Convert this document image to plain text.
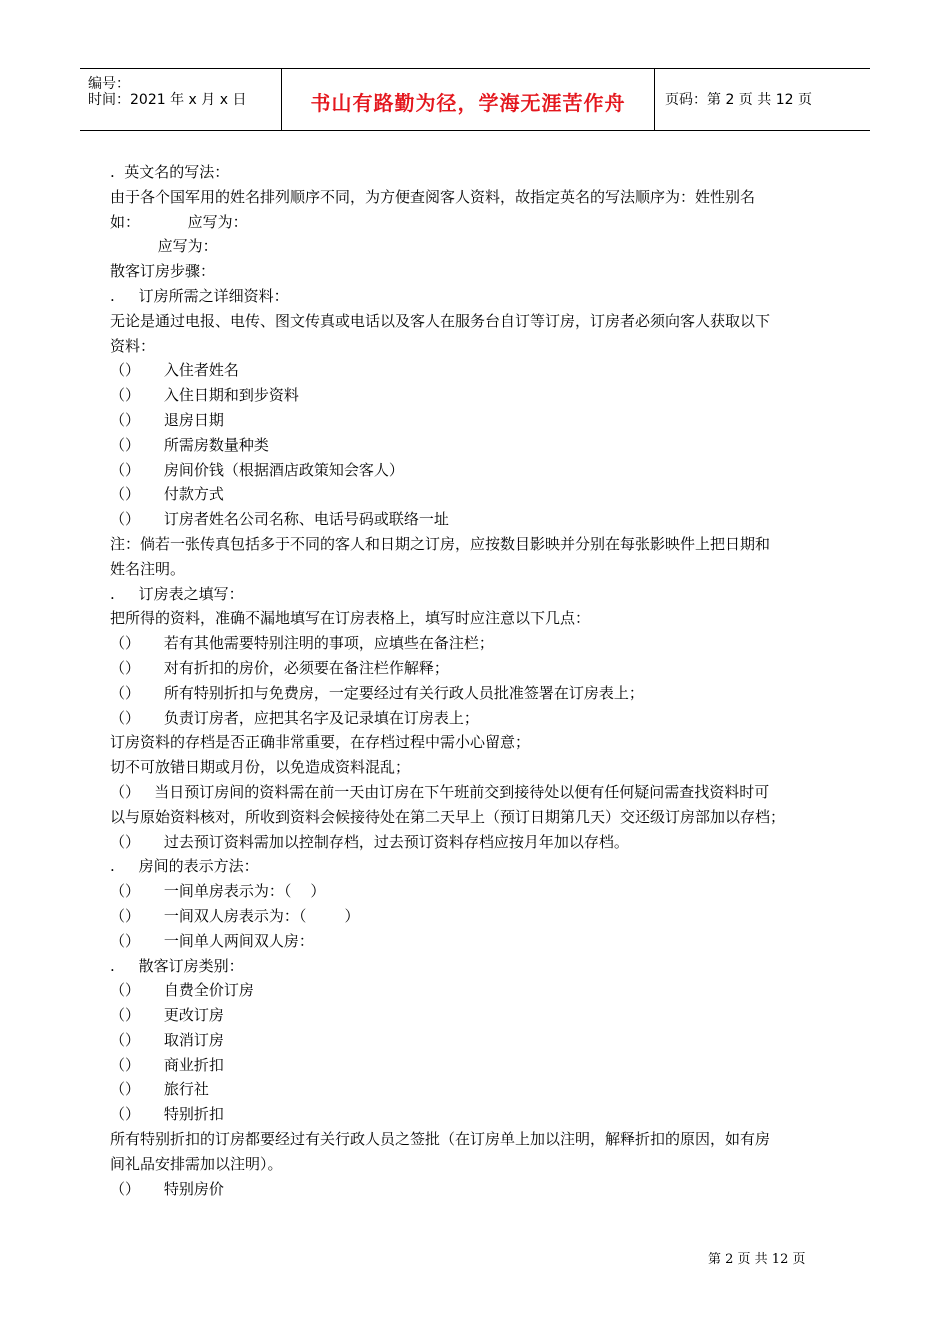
编号：
时间：2021 年 x 月 x 日	书山有路勤为径，学海无涯苦作舟	页码：第 2 页 共 12 页
.  英文名的写法：
由于各个国军用的姓名排列顺序不同，为方便查阅客人资料，故指定英名的写法顺序为：姓性别名
如：          应写为：
应写为：
散客订房步骤：
.     订房所需之详细资料：
无论是通过电报、电传、图文传真或电话以及客人在服务台自订等订房，订房者必须向客人获取以下
资料：
（）     入住者姓名
（）     入住日期和到步资料
（）     退房日期
（）     所需房数量种类
（）     房间价钱（根据酒店政策知会客人）
（）     付款方式
（）     订房者姓名公司名称、电话号码或联络一址
注：倘若一张传真包括多于不同的客人和日期之订房，应按数目影映并分别在每张影映件上把日期和
姓名注明。
.     订房表之填写：
把所得的资料，准确不漏地填写在订房表格上，填写时应注意以下几点：
（）     若有其他需要特别注明的事项，应填些在备注栏；
（）     对有折扣的房价，必须要在备注栏作解释；
（）     所有特别折扣与免费房，一定要经过有关行政人员批准签署在订房表上；
（）     负责订房者，应把其名字及记录填在订房表上；
订房资料的存档是否正确非常重要，在存档过程中需小心留意；
切不可放错日期或月份，以免造成资料混乱；
（）   当日预订房间的资料需在前一天由订房在下午班前交到接待处以便有任何疑问需查找资料时可
以与原始资料核对，所收到资料会候接待处在第二天早上（预订日期第几天）交还级订房部加以存档；
（）     过去预订资料需加以控制存档，过去预订资料存档应按月年加以存档。
.     房间的表示方法：
（）     一间单房表示为：（    ）
（）     一间双人房表示为：（        ）
（）     一间单人两间双人房：
.     散客订房类别：
（）     自费全价订房
（）     更改订房
（）     取消订房
（）     商业折扣
（）     旅行社
（）     特别折扣
所有特别折扣的订房都要经过有关行政人员之签批（在订房单上加以注明，解释折扣的原因，如有房
间礼品安排需加以注明）。
（）     特别房价
第 2 页 共 12 页
